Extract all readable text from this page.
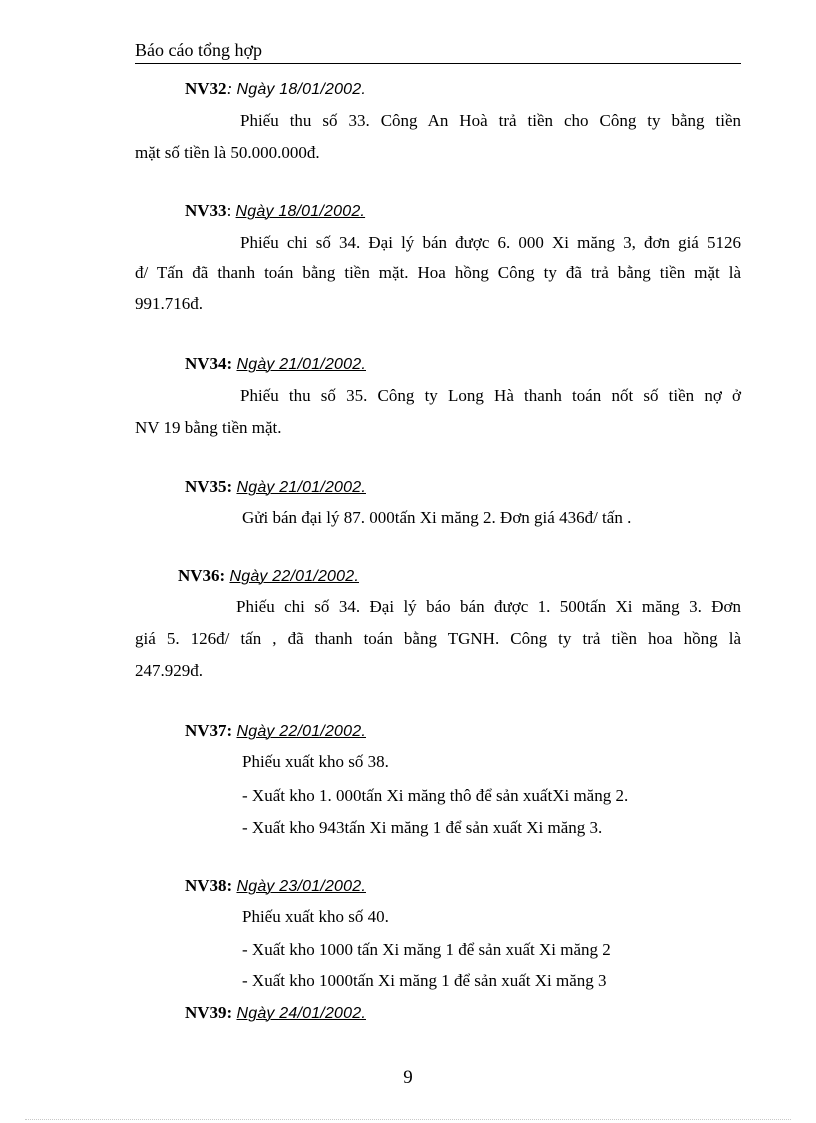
Báo cáo tổng hợp
NV32: Ngày 18/01/2002.
Phiếu thu số 33. Công An Hoà trả tiền cho Công ty bằng tiền
mặt số tiền là 50.000.000đ.
NV33: Ngày 18/01/2002.
Phiếu chi số 34. Đại lý bán được 6. 000 Xi măng 3, đơn giá 5126
đ/ Tấn đã thanh toán bằng tiền mặt. Hoa hồng Công ty đã trả bằng tiền mặt là
991.716đ.
NV34: Ngày 21/01/2002.
Phiếu thu số 35. Công ty Long Hà thanh toán nốt số tiền nợ ở
NV 19 bằng tiền mặt.
NV35: Ngày 21/01/2002.
Gửi bán đại lý 87. 000tấn Xi măng 2. Đơn giá 436đ/ tấn .
NV36: Ngày 22/01/2002.
Phiếu chi số 34. Đại lý báo bán được 1. 500tấn Xi măng 3. Đơn
giá 5. 126đ/ tấn , đã thanh toán bằng TGNH. Công ty trả tiền hoa hồng là
247.929đ.
NV37: Ngày 22/01/2002.
Phiếu xuất kho số 38.
- Xuất kho 1. 000tấn Xi măng thô để sản xuấtXi măng 2.
- Xuất kho 943tấn Xi măng 1 để sản xuất Xi măng 3.
NV38: Ngày 23/01/2002.
Phiếu xuất kho số 40.
- Xuất kho 1000 tấn Xi măng 1 để sản xuất Xi măng 2
- Xuất kho 1000tấn Xi măng 1 để sản xuất Xi măng 3
NV39: Ngày 24/01/2002.
9
